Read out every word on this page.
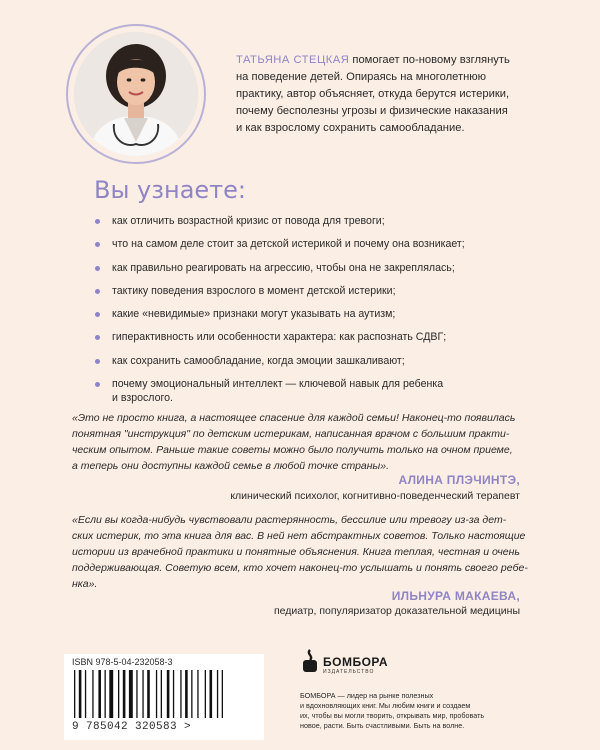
ТАТЬЯНА СТЕЦКАЯ помогает по-новому взглянуть
на поведение детей. Опираясь на многолетнюю
практику, автор объясняет, откуда берутся истерики,
почему бесполезны угрозы и физические наказания
и как взрослому сохранить самообладание.
Вы узнаете:
как отличить возрастной кризис от повода для тревоги;
что на самом деле стоит за детской истерикой и почему она возникает;
как правильно реагировать на агрессию, чтобы она не закреплялась;
тактику поведения взрослого в момент детской истерики;
какие «невидимые» признаки могут указывать на аутизм;
гиперактивность или особенности характера: как распознать СДВГ;
как сохранить самообладание, когда эмоции зашкаливают;
почему эмоциональный интеллект — ключевой навык для ребенка
и взрослого.
«Это не просто книга, а настоящее спасение для каждой семьи! Наконец-то появилась
понятная "инструкция" по детским истерикам, написанная врачом с большим практи-
ческим опытом. Раньше такие советы можно было получить только на очном приеме,
а теперь они доступны каждой семье в любой точке страны».
АЛИНА ПЛЭЧИНТЭ,
клинический психолог, когнитивно-поведенческий терапевт
«Если вы когда-нибудь чувствовали растерянность, бессилие или тревогу из-за дет-
ских истерик, то эта книга для вас. В ней нет абстрактных советов. Только настоящие
истории из врачебной практики и понятные объяснения. Книга теплая, честная и очень
поддерживающая. Советую всем, кто хочет наконец-то услышать и понять своего ребе-
нка».
ИЛЬНУРА МАКАЕВА,
педиатр, популяризатор доказательной медицины
ISBN 978-5-04-232058-3
9 785042 320583 >
БОМБОРА
ИЗДАТЕЛЬСТВО
БОМБОРА — лидер на рынке полезных
и вдохновляющих книг. Мы любим книги и создаем
их, чтобы вы могли творить, открывать мир, пробовать
новое, расти. Быть счастливыми. Быть на волне.
